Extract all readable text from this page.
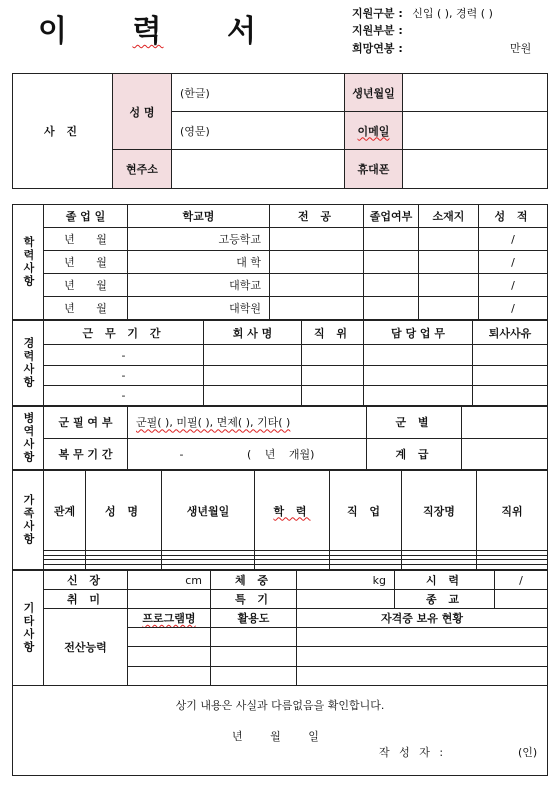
이 력 서
지원구분 : 신입 ( ), 경력 ( )
지원부분 :
희망연봉 :	만원
사 진	성 명	(한글)	생년월일	
		(영문)	이메일	
	현주소		휴대폰	
학력사항	졸 업 일	학교명	전 공	졸업여부	소재지	성 적
	년 월	고등학교				/
	년 월	대 학				/
	년 월	대학교				/
	년 월	대학원				/
경력사항	근 무 기 간	회 사 명	직 위	담 당 업 무	퇴사사유
	-				
	-				
	-				
병역사항	군 필 여 부	군필( ), 미필( ), 면제( ), 기타( )	군 별	
	복 무 기 간	- ( 년 개월)	계 급	
가족사항	관계	성 명	생년월일	학 력	직 업	직장명	직위

기타사항	신 장	cm	체 중	kg	시 력	/
	취 미		특 기		종 교	
	전산능력	프로그램명	활용도	자격증 보유 현황		

상기 내용은 사실과 다름없음을 확인합니다.
년 월 일
작 성 자 :	(인)
